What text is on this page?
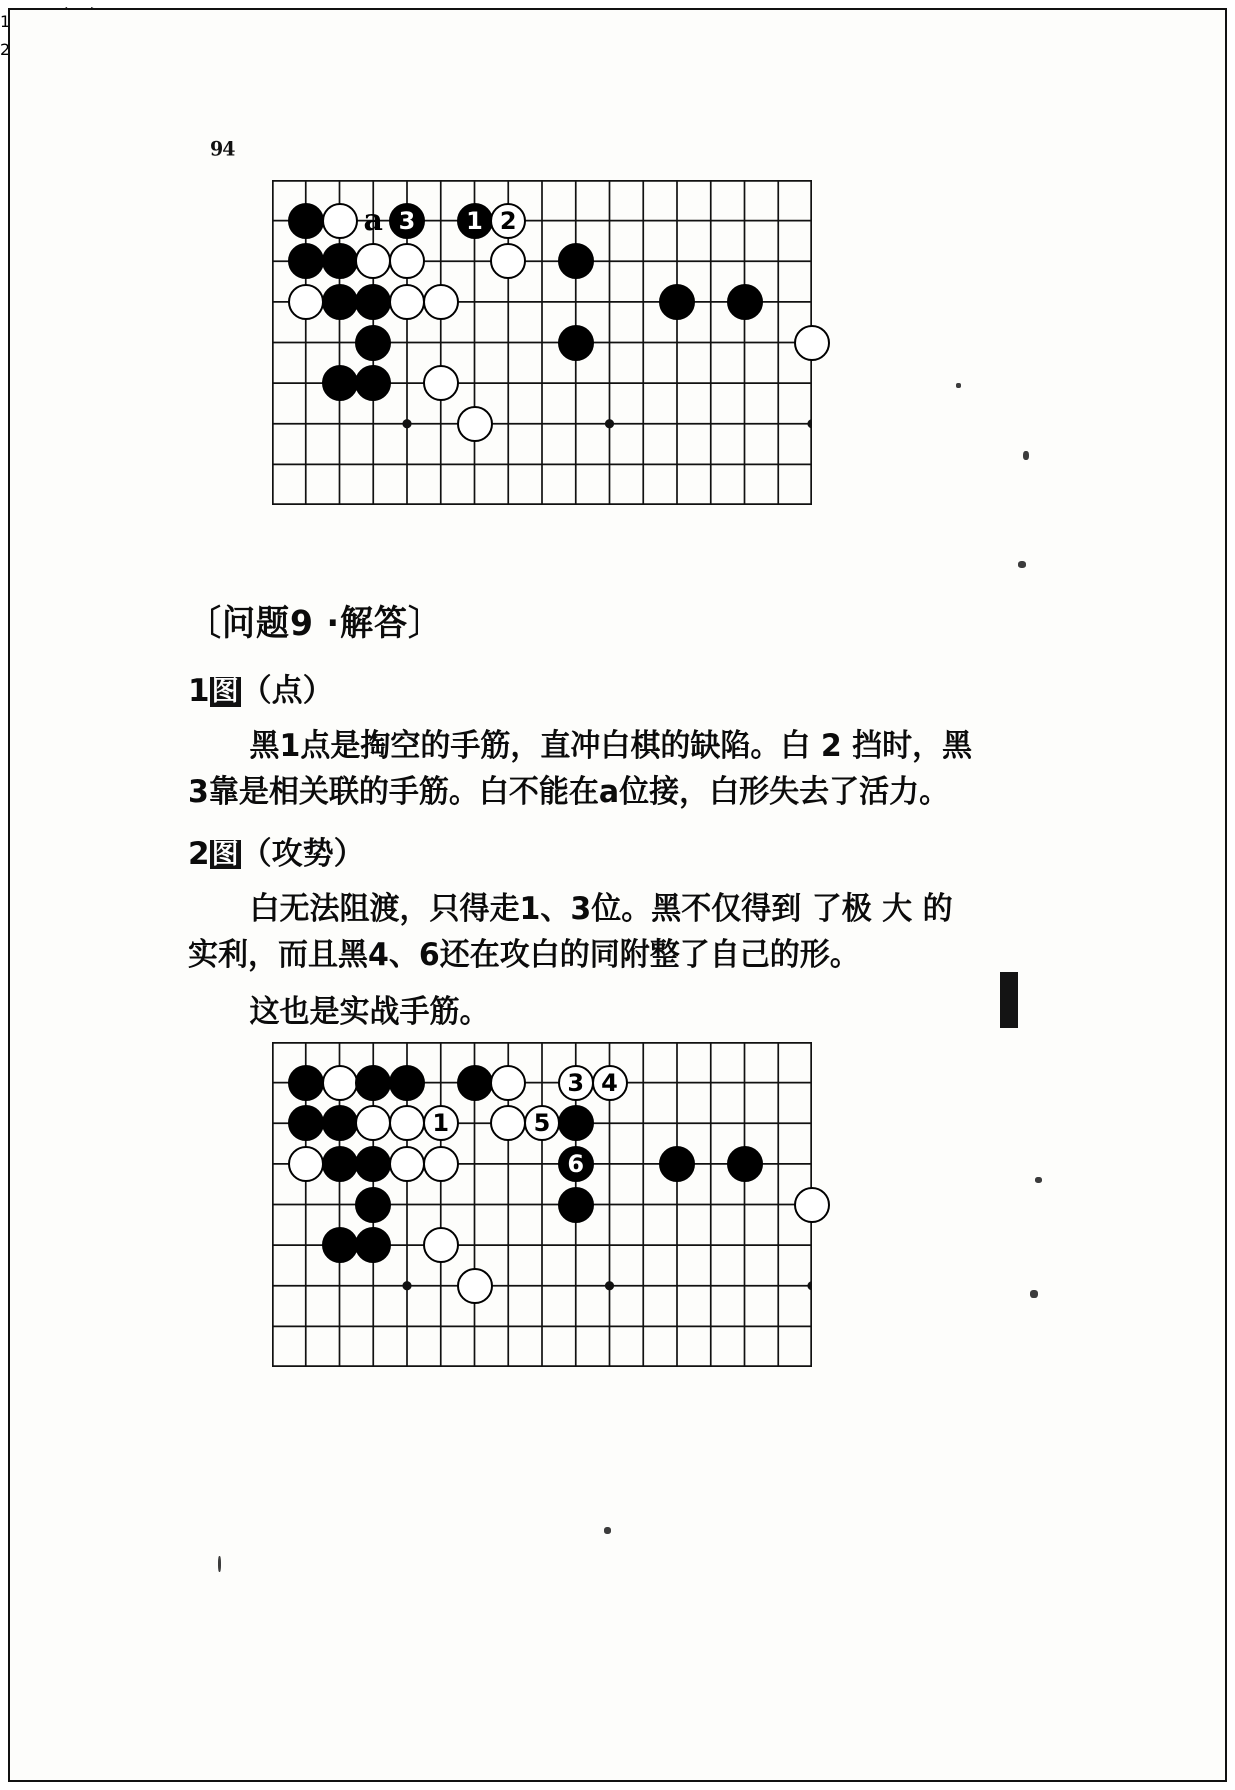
94
3	1 2
a
1
〔问题9 ·解答〕
1图（点）
黑1点是掏空的手筋，直冲白棋的缺陷。白 2 挡时，黑3靠是相关联的手筋。白不能在a位接，白形失去了活力。
2图（攻势）
白无法阻渡，只得走1、3位。黑不仅得到 了极 大 的 实利，而且黑4、6还在攻白的同附整了自己的形。
这也是实战手筋。
3 4
1	5
6
2
